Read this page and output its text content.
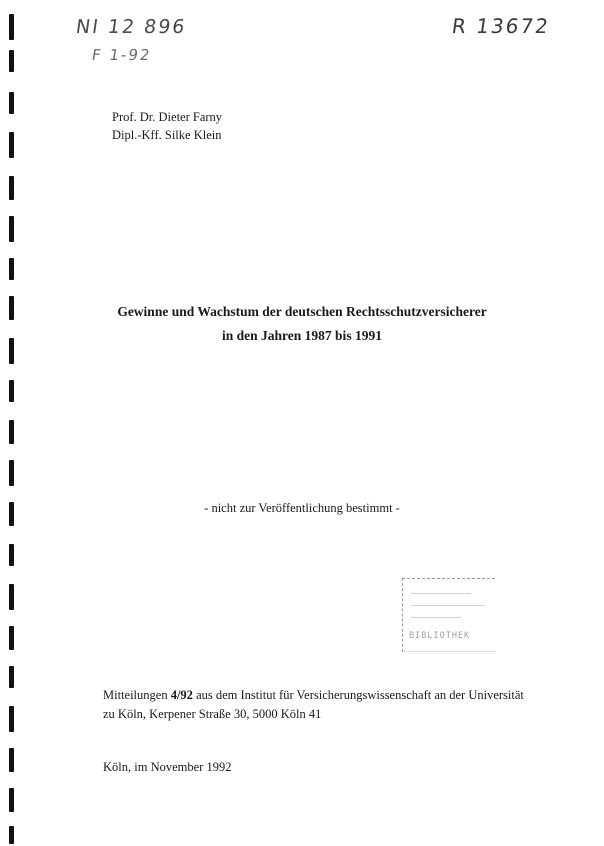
NI 12 896
F 1-92
R 13672
Prof. Dr. Dieter Farny
Dipl.-Kff. Silke Klein
Gewinne und Wachstum der deutschen Rechtsschutzversicherer
in den Jahren 1987 bis 1991
- nicht zur Veröffentlichung bestimmt -
BIBLIOTHEK
Mitteilungen 4/92 aus dem Institut für Versicherungswissenschaft an der Universität
zu Köln, Kerpener Straße 30, 5000 Köln 41
Köln, im November 1992
